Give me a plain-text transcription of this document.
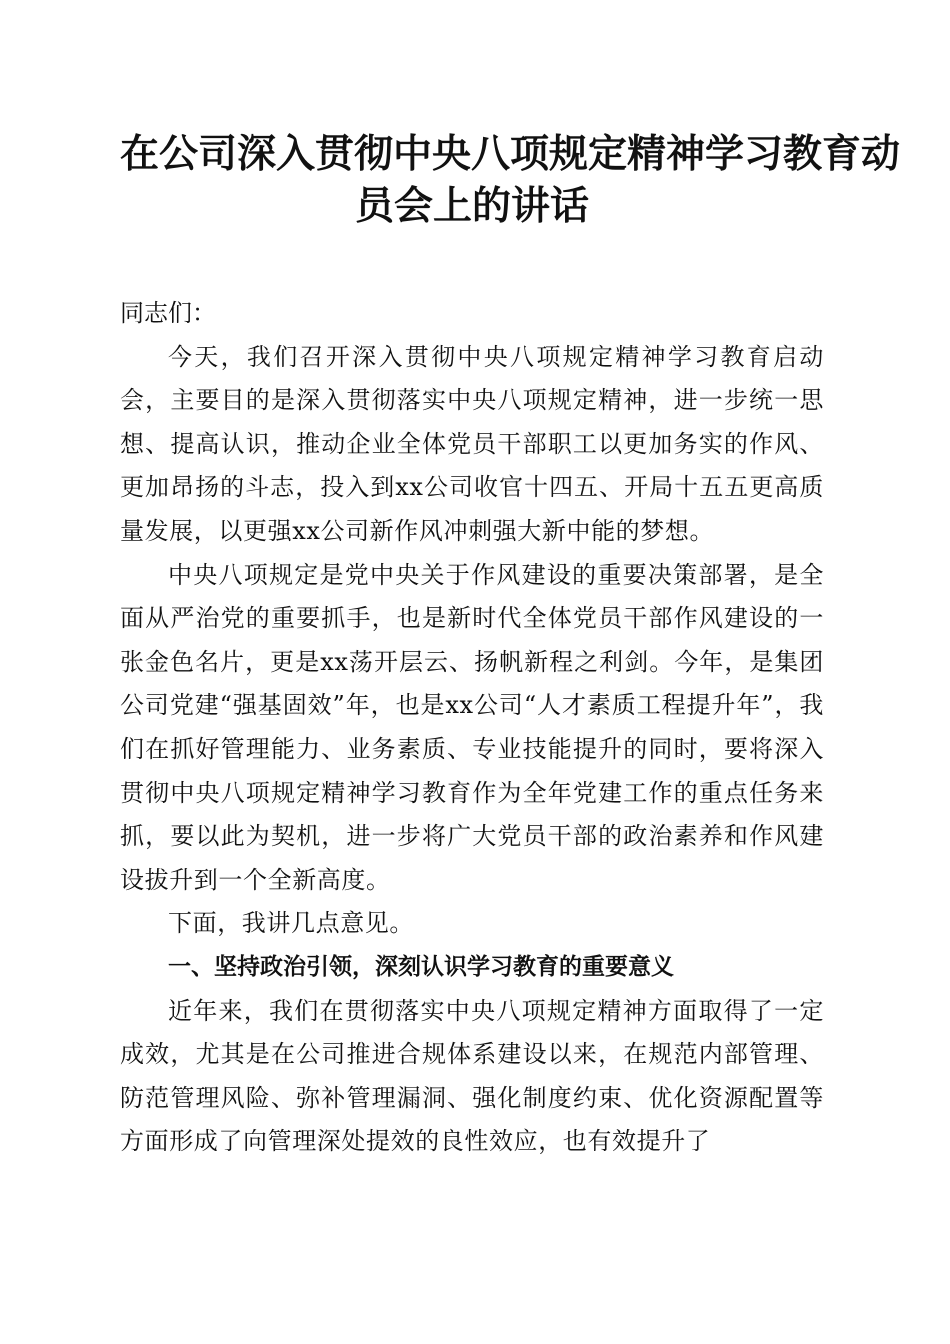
在公司深入贯彻中央八项规定精神学习教育动
员会上的讲话

同志们：

今天，我们召开深入贯彻中央八项规定精神学习教育启动会，主要目的是深入贯彻落实中央八项规定精神，进一步统一思想、提高认识，推动企业全体党员干部职工以更加务实的作风、更加昂扬的斗志，投入到xx公司收官十四五、开局十五五更高质量发展，以更强xx公司新作风冲刺强大新中能的梦想。

中央八项规定是党中央关于作风建设的重要决策部署，是全面从严治党的重要抓手，也是新时代全体党员干部作风建设的一张金色名片，更是xx荡开层云、扬帆新程之利剑。今年，是集团公司党建“强基固效”年，也是xx公司“人才素质工程提升年”，我们在抓好管理能力、业务素质、专业技能提升的同时，要将深入贯彻中央八项规定精神学习教育作为全年党建工作的重点任务来抓，要以此为契机，进一步将广大党员干部的政治素养和作风建设拔升到一个全新高度。

下面，我讲几点意见。

一、坚持政治引领，深刻认识学习教育的重要意义

近年来，我们在贯彻落实中央八项规定精神方面取得了一定成效，尤其是在公司推进合规体系建设以来，在规范内部管理、防范管理风险、弥补管理漏洞、强化制度约束、优化资源配置等方面形成了向管理深处提效的良性效应，也有效提升了
